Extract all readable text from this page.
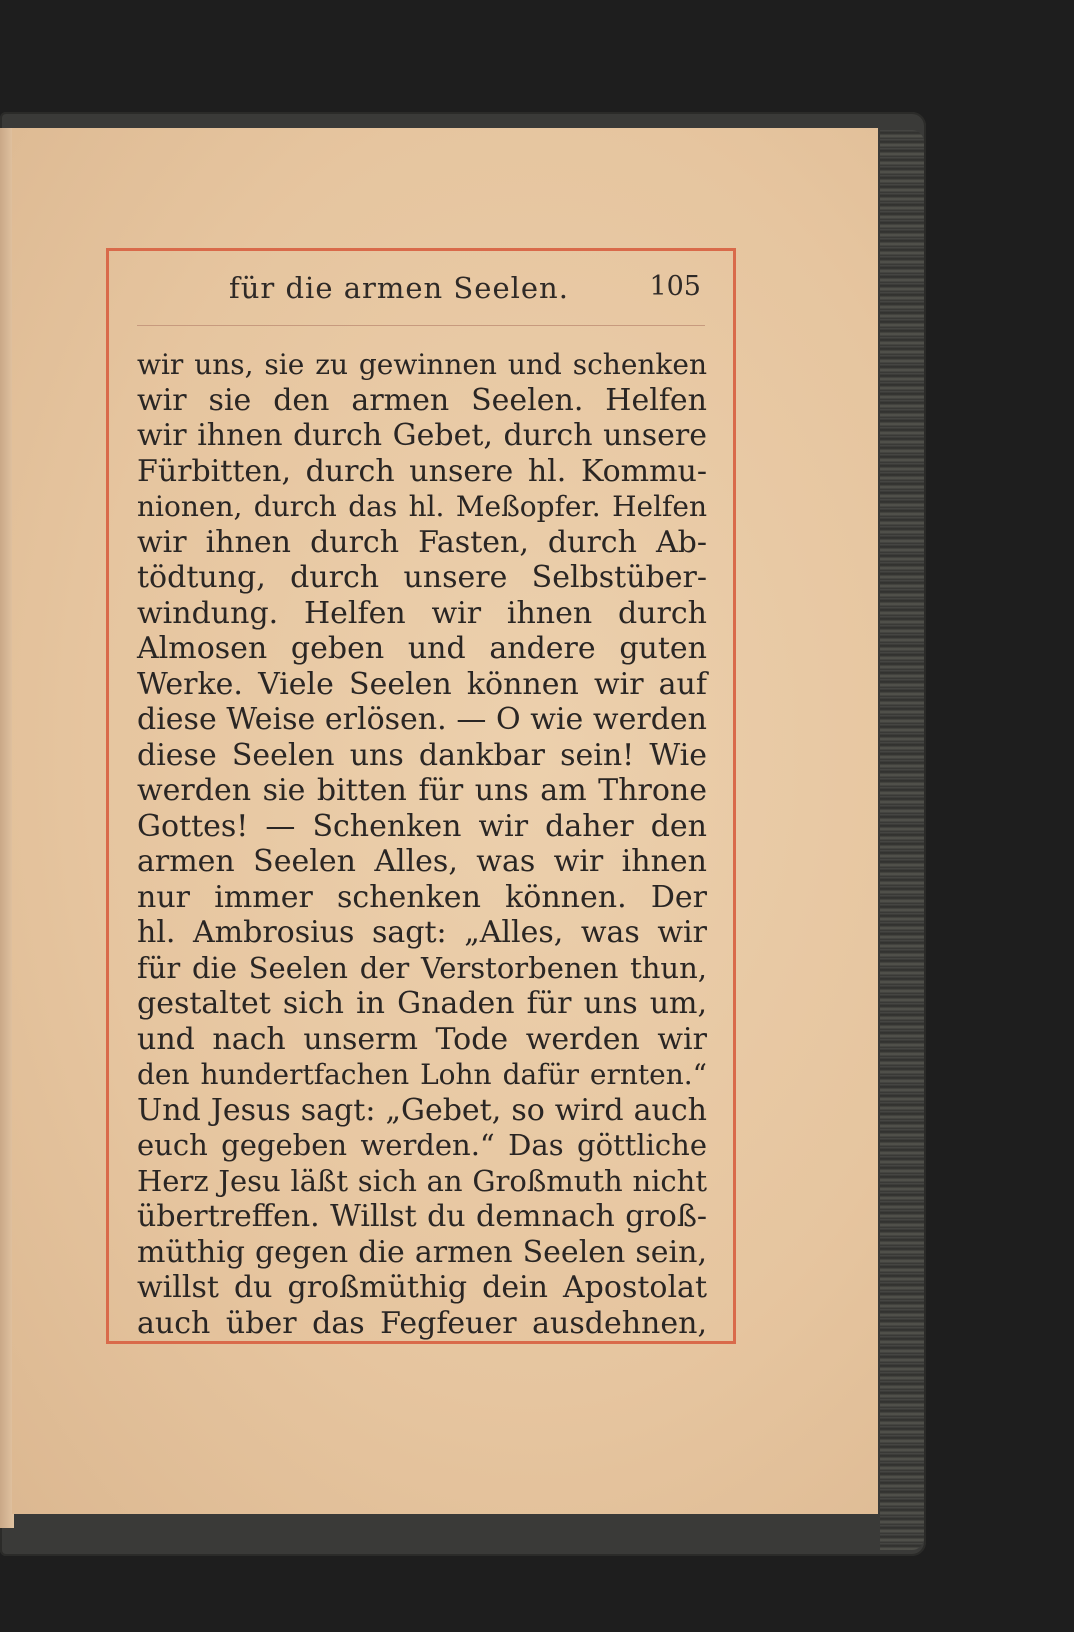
für die armen Seelen.	105
wir uns, sie zu gewinnen und schenken
wir sie den armen Seelen. Helfen
wir ihnen durch Gebet, durch unsere
Fürbitten, durch unsere hl. Kommu-
nionen, durch das hl. Meßopfer. Helfen
wir ihnen durch Fasten, durch Ab-
tödtung, durch unsere Selbstüber-
windung. Helfen wir ihnen durch
Almosen geben und andere guten
Werke. Viele Seelen können wir auf
diese Weise erlösen. — O wie werden
diese Seelen uns dankbar sein! Wie
werden sie bitten für uns am Throne
Gottes! — Schenken wir daher den
armen Seelen Alles, was wir ihnen
nur immer schenken können. Der
hl. Ambrosius sagt: „Alles, was wir
für die Seelen der Verstorbenen thun,
gestaltet sich in Gnaden für uns um,
und nach unserm Tode werden wir
den hundertfachen Lohn dafür ernten.“
Und Jesus sagt: „Gebet, so wird auch
euch gegeben werden.“ Das göttliche
Herz Jesu läßt sich an Großmuth nicht
übertreffen. Willst du demnach groß-
müthig gegen die armen Seelen sein,
willst du großmüthig dein Apostolat
auch über das Fegfeuer ausdehnen,
